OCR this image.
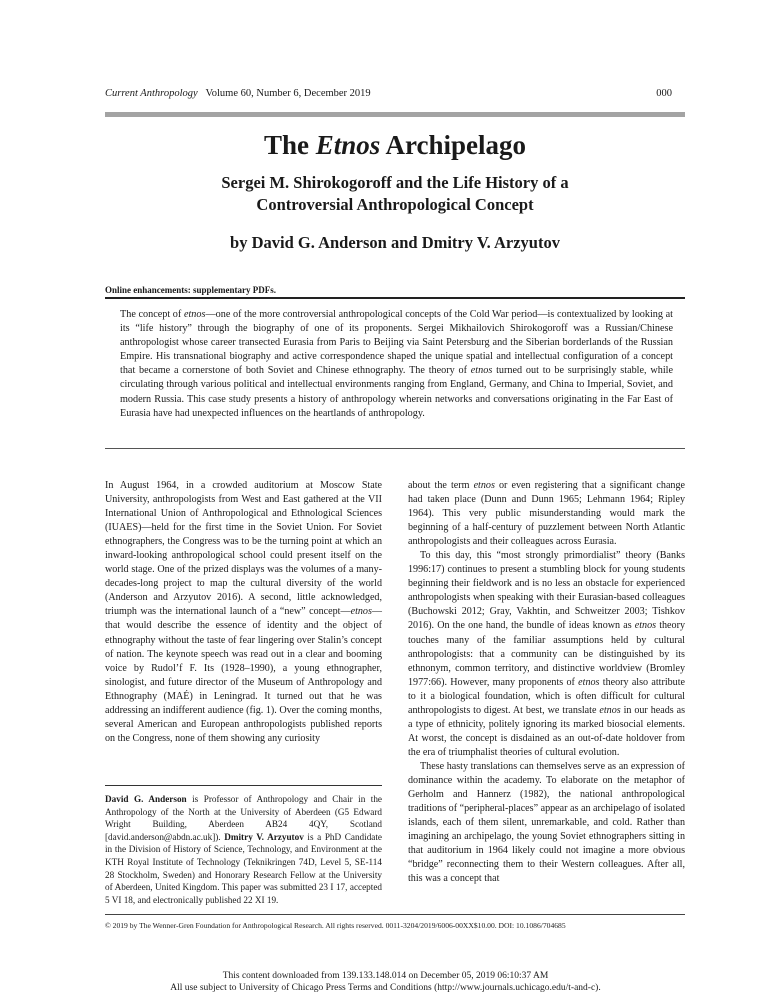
Current Anthropology Volume 60, Number 6, December 2019	000
The Etnos Archipelago
Sergei M. Shirokogoroff and the Life History of a
Controversial Anthropological Concept
by David G. Anderson and Dmitry V. Arzyutov
Online enhancements: supplementary PDFs.

The concept of etnos—one of the more controversial anthropological concepts of the Cold War period—is contextualized by looking at its “life history” through the biography of one of its proponents. Sergei Mikhailovich Shirokogoroff was a Russian/Chinese anthropologist whose career transected Eurasia from Paris to Beijing via Saint Petersburg and the Siberian borderlands of the Russian Empire. His transnational biography and active correspondence shaped the unique spatial and intellectual configuration of a concept that became a cornerstone of both Soviet and Chinese ethnography. The theory of etnos turned out to be surprisingly stable, while circulating through various political and intellectual environments ranging from England, Germany, and China to Imperial, Soviet, and modern Russia. This case study presents a history of anthropology wherein networks and conversations originating in the Far East of Eurasia have had unexpected influences on the heartlands of anthropology.

In August 1964, in a crowded auditorium at Moscow State University, anthropologists from West and East gathered at the VII International Union of Anthropological and Ethnological Sciences (IUAES)—held for the first time in the Soviet Union. For Soviet ethnographers, the Congress was to be the turning point at which an inward-looking anthropological school could present itself on the world stage. One of the prized displays was the volumes of a many-decades-long project to map the cultural diversity of the world (Anderson and Arzyutov 2016). A second, little acknowledged, triumph was the international launch of a “new” concept—etnos—that would describe the essence of identity and the object of ethnography without the taste of fear lingering over Stalin’s concept of nation. The keynote speech was read out in a clear and booming voice by Rudol’f F. Its (1928–1990), a young ethnographer, sinologist, and future director of the Museum of Anthropology and Ethnography (MAÉ) in Leningrad. It turned out that he was addressing an indifferent audience (fig. 1). Over the coming months, several American and European anthropologists published reports on the Congress, none of them showing any curiosity

David G. Anderson is Professor of Anthropology and Chair in the Anthropology of the North at the University of Aberdeen (G5 Edward Wright Building, Aberdeen AB24 4QY, Scotland [david.anderson@abdn.ac.uk]). Dmitry V. Arzyutov is a PhD Candidate in the Division of History of Science, Technology, and Environment at the KTH Royal Institute of Technology (Teknikringen 74D, Level 5, SE-114 28 Stockholm, Sweden) and Honorary Research Fellow at the University of Aberdeen, United Kingdom. This paper was submitted 23 I 17, accepted 5 VI 18, and electronically published 22 XI 19.

about the term etnos or even registering that a significant change had taken place (Dunn and Dunn 1965; Lehmann 1964; Ripley 1964). This very public misunderstanding would mark the beginning of a half-century of puzzlement between North Atlantic anthropologists and their colleagues across Eurasia.

To this day, this “most strongly primordialist” theory (Banks 1996:17) continues to present a stumbling block for young students beginning their fieldwork and is no less an obstacle for experienced anthropologists when speaking with their Eurasian-based colleagues (Buchowski 2012; Gray, Vakhtin, and Schweitzer 2003; Tishkov 2016). On the one hand, the bundle of ideas known as etnos theory touches many of the familiar assumptions held by cultural anthropologists: that a community can be distinguished by its ethnonym, common territory, and distinctive worldview (Bromley 1977:66). However, many proponents of etnos theory also attribute to it a biological foundation, which is often difficult for cultural anthropologists to digest. At best, we translate etnos in our heads as a type of ethnicity, politely ignoring its marked biosocial elements. At worst, the concept is disdained as an out-of-date holdover from the era of triumphalist theories of cultural evolution.

These hasty translations can themselves serve as an expression of dominance within the academy. To elaborate on the metaphor of Gerholm and Hannerz (1982), the national anthropological traditions of “peripheral-places” appear as an archipelago of isolated islands, each of them silent, unremarkable, and cold. Rather than imagining an archipelago, the young Soviet ethnographers sitting in that auditorium in 1964 likely could not imagine a more obvious “bridge” reconnecting them to their Western colleagues. After all, this was a concept that

© 2019 by The Wenner-Gren Foundation for Anthropological Research. All rights reserved. 0011-3204/2019/6006-00XX$10.00. DOI: 10.1086/704685
This content downloaded from 139.133.148.014 on December 05, 2019 06:10:37 AM
All use subject to University of Chicago Press Terms and Conditions (http://www.journals.uchicago.edu/t-and-c).
